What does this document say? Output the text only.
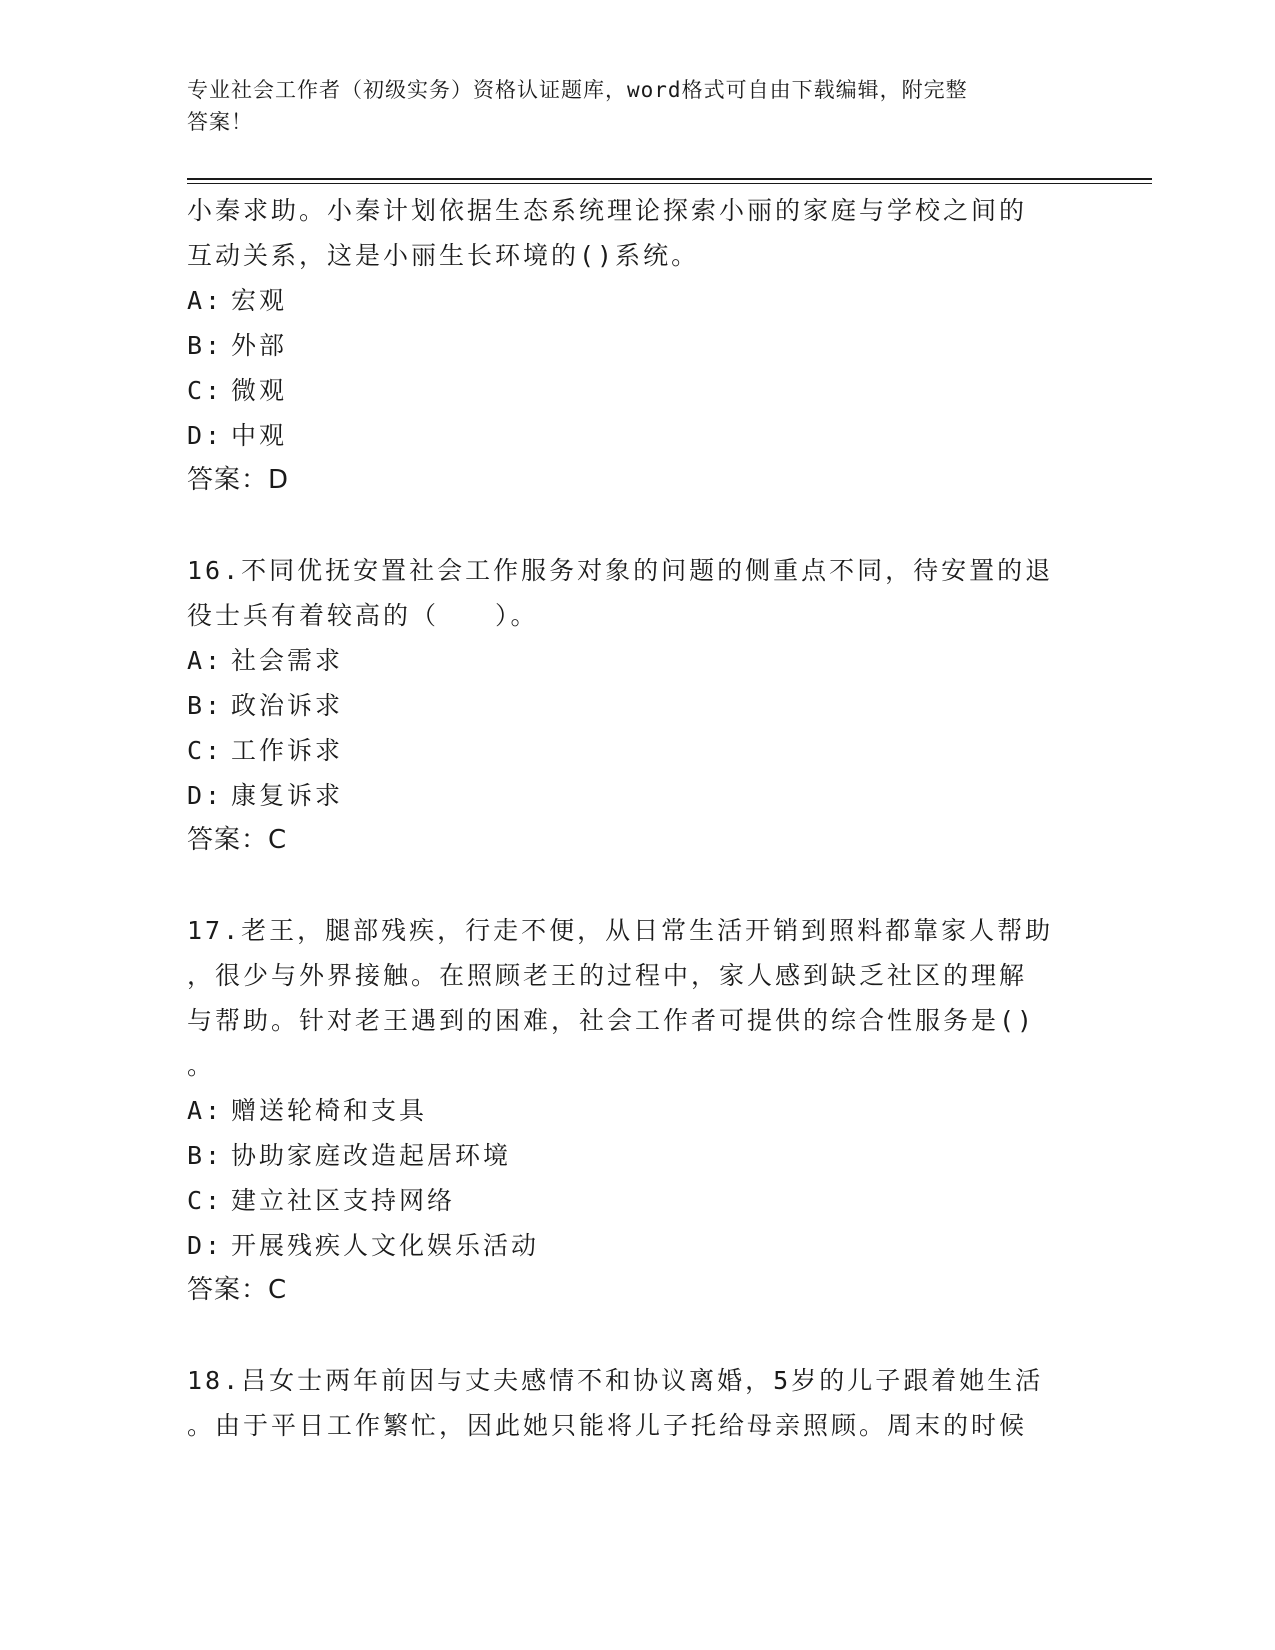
专业社会工作者（初级实务）资格认证题库，word格式可自由下载编辑，附完整
答案！
小秦求助。小秦计划依据生态系统理论探索小丽的家庭与学校之间的
互动关系，这是小丽生长环境的()系统。
A: 宏观
B: 外部
C: 微观
D: 中观
答案：D
16.不同优抚安置社会工作服务对象的问题的侧重点不同，待安置的退
役士兵有着较高的（　　）。
A: 社会需求
B: 政治诉求
C: 工作诉求
D: 康复诉求
答案：C
17.老王，腿部残疾，行走不便，从日常生活开销到照料都靠家人帮助
，很少与外界接触。在照顾老王的过程中，家人感到缺乏社区的理解
与帮助。针对老王遇到的困难，社会工作者可提供的综合性服务是()
。
A: 赠送轮椅和支具
B: 协助家庭改造起居环境
C: 建立社区支持网络
D: 开展残疾人文化娱乐活动
答案：C
18.吕女士两年前因与丈夫感情不和协议离婚，5岁的儿子跟着她生活
。由于平日工作繁忙，因此她只能将儿子托给母亲照顾。周末的时候
